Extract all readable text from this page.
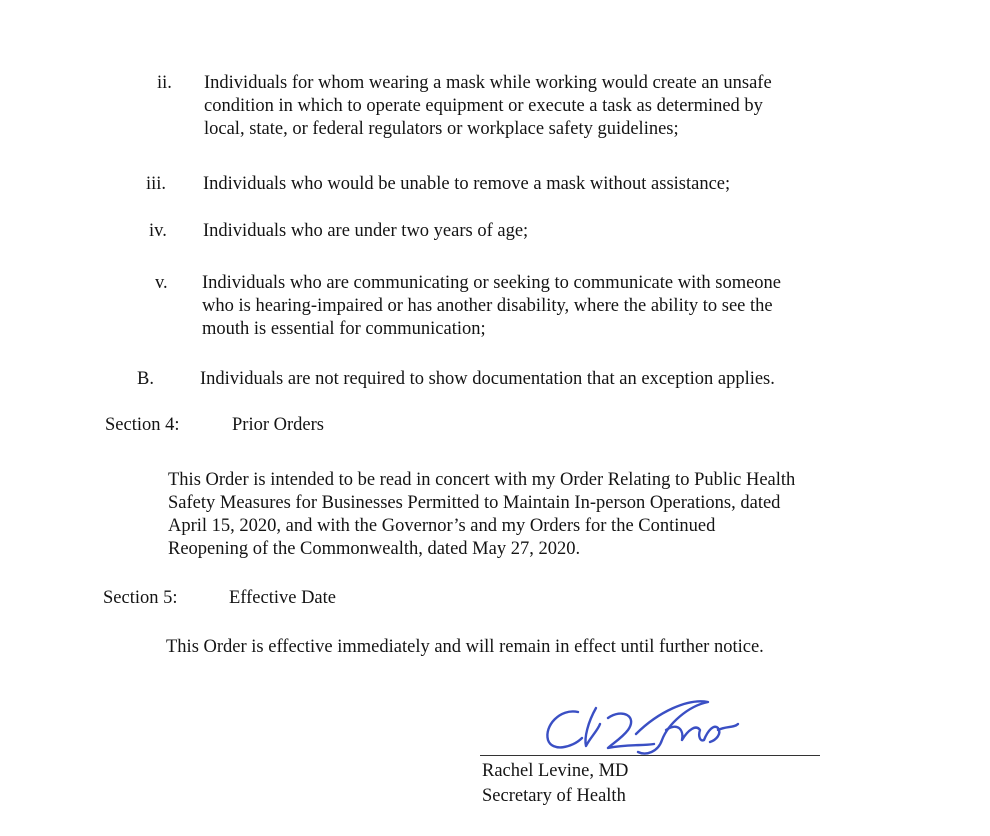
ii. Individuals for whom wearing a mask while working would create an unsafe
condition in which to operate equipment or execute a task as determined by
local, state, or federal regulators or workplace safety guidelines;
iii. Individuals who would be unable to remove a mask without assistance;
iv. Individuals who are under two years of age;
v. Individuals who are communicating or seeking to communicate with someone
who is hearing-impaired or has another disability, where the ability to see the
mouth is essential for communication;
B. Individuals are not required to show documentation that an exception applies.
Section 4:	Prior Orders
This Order is intended to be read in concert with my Order Relating to Public Health
Safety Measures for Businesses Permitted to Maintain In-person Operations, dated
April 15, 2020, and with the Governor’s and my Orders for the Continued
Reopening of the Commonwealth, dated May 27, 2020.
Section 5:	Effective Date
This Order is effective immediately and will remain in effect until further notice.
Rachel Levine, MD
Secretary of Health
